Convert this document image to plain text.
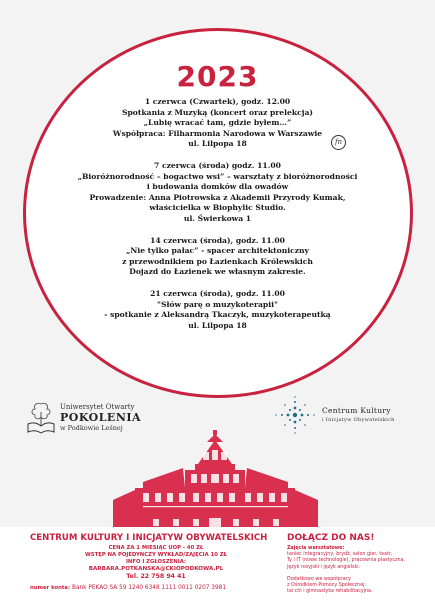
2023
1 czerwca (Czwartek), godz. 12.00
Spotkania z Muzyką (koncert oraz prelekcja)
„Lubię wracać tam, gdzie byłem…”
Współpraca: Filharmonia Narodowa w Warszawie
ul. Lilpopa 18
7 czerwca (środa) godz. 11.00
„Bioróżnorodność – bogactwo wsi” – warsztaty z bioróżnorodności
i budowania domków dla owadów
Prowadzenie: Anna Piotrowska z Akademii Przyrody Kumak,
właścicielka w Biophylic Studio.
ul. Świerkowa 1
14 czerwca (środa), godz. 11.00
„Nie tylko pałac” - spacer architektoniczny
z przewodnikiem po Łazienkach Królewskich
Dojazd do Łazienek we własnym zakresie.
21 czerwca (środa), godz. 11.00
"Słów parę o muzykoterapii"
- spotkanie z Aleksandrą Tkaczyk, muzykoterapeutką
ul. Lilpopa 18
fn
Uniwersytet Otwarty
POKOLENIA
w Podkowie Leśnej
Centrum Kultury
i Inicjatyw Obywatelskich
CENTRUM KULTURY I INICJATYW OBYWATELSKICH
CENA ZA 1 MIESIĄC UOP - 40 ZŁ
WSTĘP NA POJEDYNCZY WYKŁAD/ZAJĘCIA 10 ZŁ
INFO I ZGŁOSZENIA:
BARBARA.POTKANSKA@CKIOPODKOWA.PL
Tel. 22 758 94 41
numer konta: Bank PEKAO SA 59 1240 6348 1111 0011 0207 3981
DOŁĄCZ DO NAS!
Zajęcia warsztatowe:
taniec integracyjny, brydż, salon gier, teatr,
Ty i IT (nowe technologie), pracownia plastyczna,
język rosyjski i język angielski.
Dodatkowo we współpracy
z Ośrodkiem Pomocy Społecznej:
tai chi i gimnastyka rehabilitacyjna.
